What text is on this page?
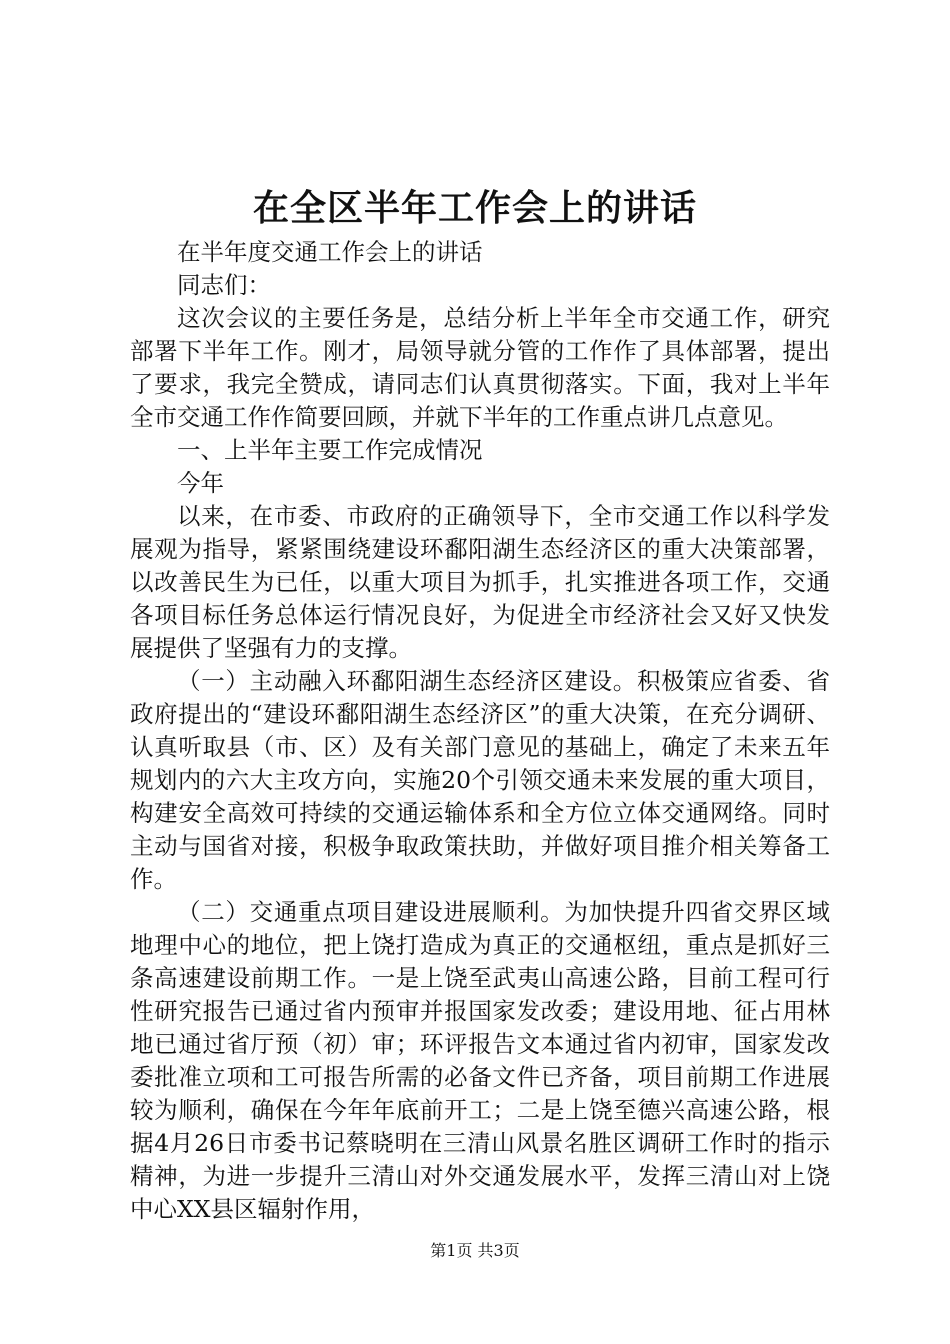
在全区半年工作会上的讲话

在半年度交通工作会上的讲话

同志们：

这次会议的主要任务是，总结分析上半年全市交通工作，研究部署下半年工作。刚才，局领导就分管的工作作了具体部署，提出了要求，我完全赞成，请同志们认真贯彻落实。下面，我对上半年全市交通工作作简要回顾，并就下半年的工作重点讲几点意见。

一、上半年主要工作完成情况

今年

以来，在市委、市政府的正确领导下，全市交通工作以科学发展观为指导，紧紧围绕建设环鄱阳湖生态经济区的重大决策部署，以改善民生为已任，以重大项目为抓手，扎实推进各项工作，交通各项目标任务总体运行情况良好，为促进全市经济社会又好又快发展提供了坚强有力的支撑。

（一）主动融入环鄱阳湖生态经济区建设。积极策应省委、省政府提出的“建设环鄱阳湖生态经济区”的重大决策，在充分调研、认真听取县（市、区）及有关部门意见的基础上，确定了未来五年规划内的六大主攻方向，实施20个引领交通未来发展的重大项目，构建安全高效可持续的交通运输体系和全方位立体交通网络。同时主动与国省对接，积极争取政策扶助，并做好项目推介相关筹备工作。

（二）交通重点项目建设进展顺利。为加快提升四省交界区域地理中心的地位，把上饶打造成为真正的交通枢纽，重点是抓好三条高速建设前期工作。一是上饶至武夷山高速公路，目前工程可行性研究报告已通过省内预审并报国家发改委；建设用地、征占用林地已通过省厅预（初）审；环评报告文本通过省内初审，国家发改委批准立项和工可报告所需的必备文件已齐备，项目前期工作进展较为顺利，确保在今年年底前开工；二是上饶至德兴高速公路，根据4月26日市委书记蔡晓明在三清山风景名胜区调研工作时的指示精神，为进一步提升三清山对外交通发展水平，发挥三清山对上饶中心XX县区辐射作用，

第1页 共3页
